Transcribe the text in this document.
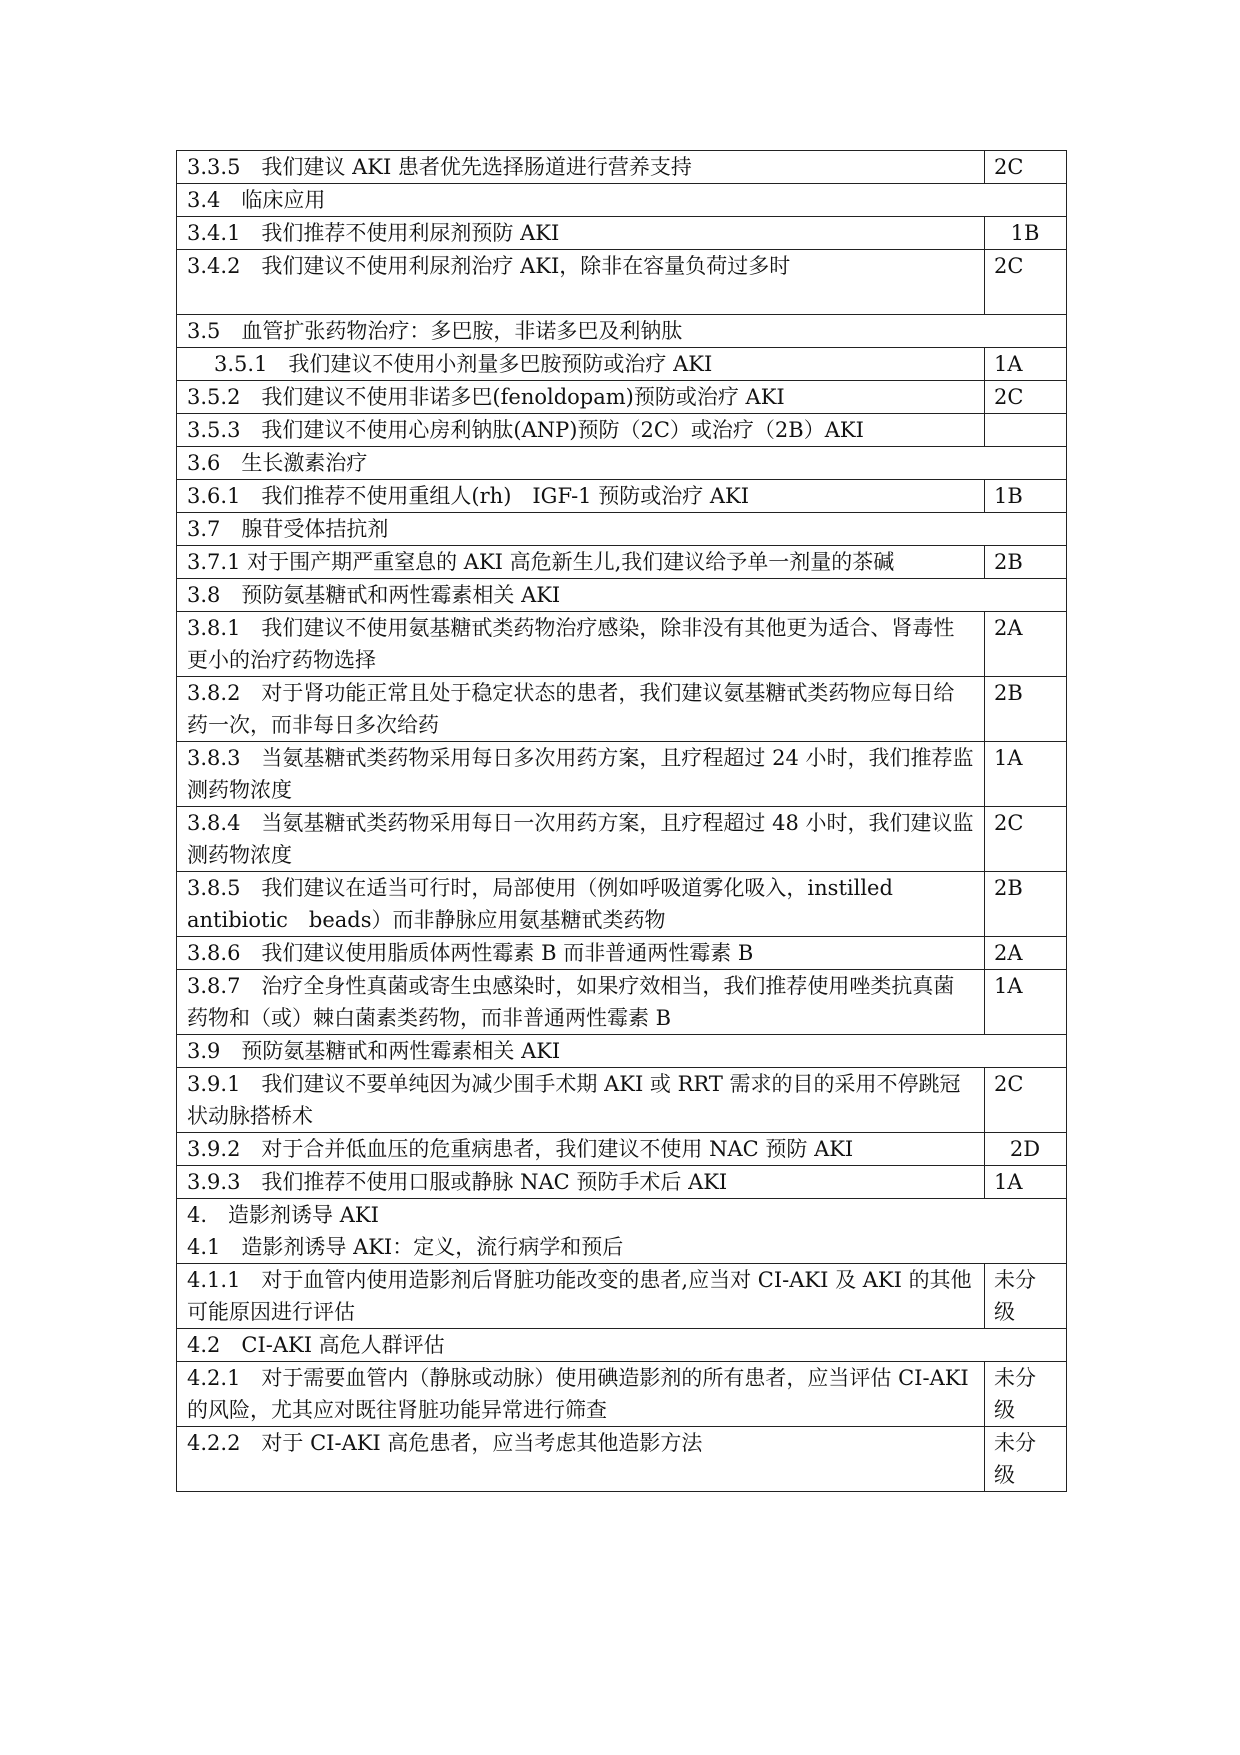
3.3.5　我们建议 AKI 患者优先选择肠道进行营养支持	2C
3.4　临床应用	
3.4.1　我们推荐不使用利尿剂预防 AKI	1B
3.4.2　我们建议不使用利尿剂治疗 AKI，除非在容量负荷过多时	2C
3.5　血管扩张药物治疗：多巴胺，非诺多巴及利钠肽	
3.5.1　我们建议不使用小剂量多巴胺预防或治疗 AKI	1A
3.5.2　我们建议不使用非诺多巴(fenoldopam)预防或治疗 AKI	2C
3.5.3　我们建议不使用心房利钠肽(ANP)预防（2C）或治疗（2B）AKI	
3.6　生长激素治疗	
3.6.1　我们推荐不使用重组人(rh)　IGF-1 预防或治疗 AKI	1B
3.7　腺苷受体拮抗剂	
3.7.1 对于围产期严重窒息的 AKI 高危新生儿,我们建议给予单一剂量的茶碱	2B
3.8　预防氨基糖甙和两性霉素相关 AKI	
3.8.1　我们建议不使用氨基糖甙类药物治疗感染，除非没有其他更为适合、肾毒性更小的治疗药物选择	2A
3.8.2　对于肾功能正常且处于稳定状态的患者，我们建议氨基糖甙类药物应每日给药一次，而非每日多次给药	2B
3.8.3　当氨基糖甙类药物采用每日多次用药方案，且疗程超过 24 小时，我们推荐监测药物浓度	1A
3.8.4　当氨基糖甙类药物采用每日一次用药方案，且疗程超过 48 小时，我们建议监测药物浓度	2C
3.8.5　我们建议在适当可行时，局部使用（例如呼吸道雾化吸入，instilled　antibiotic　beads）而非静脉应用氨基糖甙类药物	2B
3.8.6　我们建议使用脂质体两性霉素 B 而非普通两性霉素 B	2A
3.8.7　治疗全身性真菌或寄生虫感染时，如果疗效相当，我们推荐使用唑类抗真菌药物和（或）棘白菌素类药物，而非普通两性霉素 B	1A
3.9　预防氨基糖甙和两性霉素相关 AKI	
3.9.1　我们建议不要单纯因为减少围手术期 AKI 或 RRT 需求的目的采用不停跳冠状动脉搭桥术	2C
3.9.2　对于合并低血压的危重病患者，我们建议不使用 NAC 预防 AKI	2D
3.9.3　我们推荐不使用口服或静脉 NAC 预防手术后 AKI	1A

4.　造影剂诱导 AKI
4.1　造影剂诱导 AKI：定义，流行病学和预后	

4.1.1　对于血管内使用造影剂后肾脏功能改变的患者,应当对 CI-AKI 及 AKI 的其他可能原因进行评估	未分级
4.2　CI-AKI 高危人群评估	
4.2.1　对于需要血管内（静脉或动脉）使用碘造影剂的所有患者，应当评估 CI-AKI 的风险，尤其应对既往肾脏功能异常进行筛查	未分级
4.2.2　对于 CI-AKI 高危患者，应当考虑其他造影方法	未分级
